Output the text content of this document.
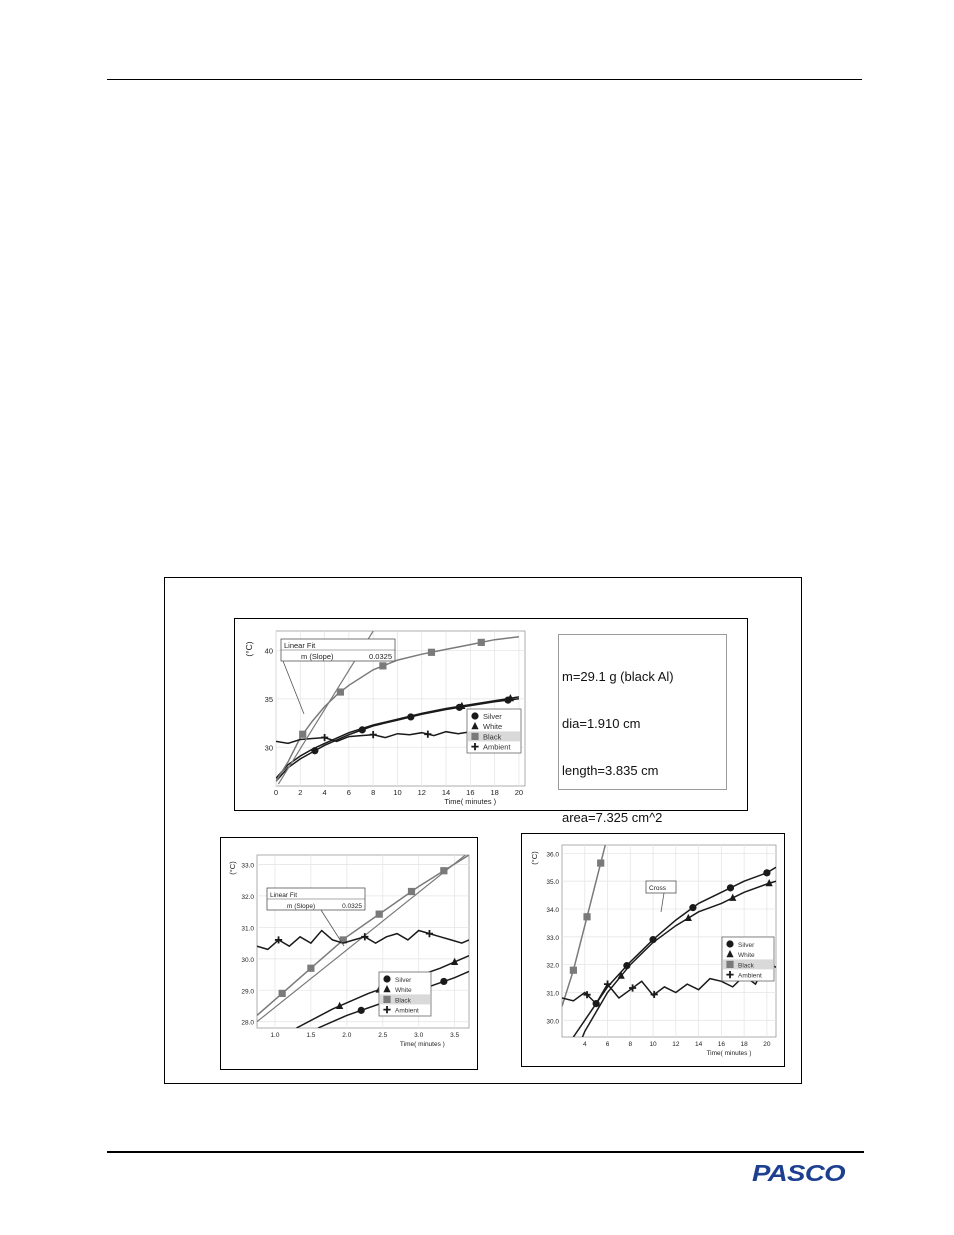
0	2	4	6	8 10 12 14 16 18 20
30
35
40
(°C)
Time( minutes )
Linear Fit
m (Slope)	0.0325
Silver
White
Black
Ambient

m=29.1 g (black Al)

dia=1.910 cm

length=3.835 cm

area=7.325 cm^2

1.0	1.5	2.0	2.5	3.0	3.5
28.0
29.0
30.0
31.0
32.0
33.0
(°C)
Time( minutes )
Linear Fit
m (Slope)	0.0325
Silver
White
Black
Ambient
4	6	8	10 12 14 16 18 20
30.0
31.0
32.0
33.0
34.0
35.0
36.0
(°C)
Time( minutes )
Cross
Silver
White
Black
Ambient
PASCO
